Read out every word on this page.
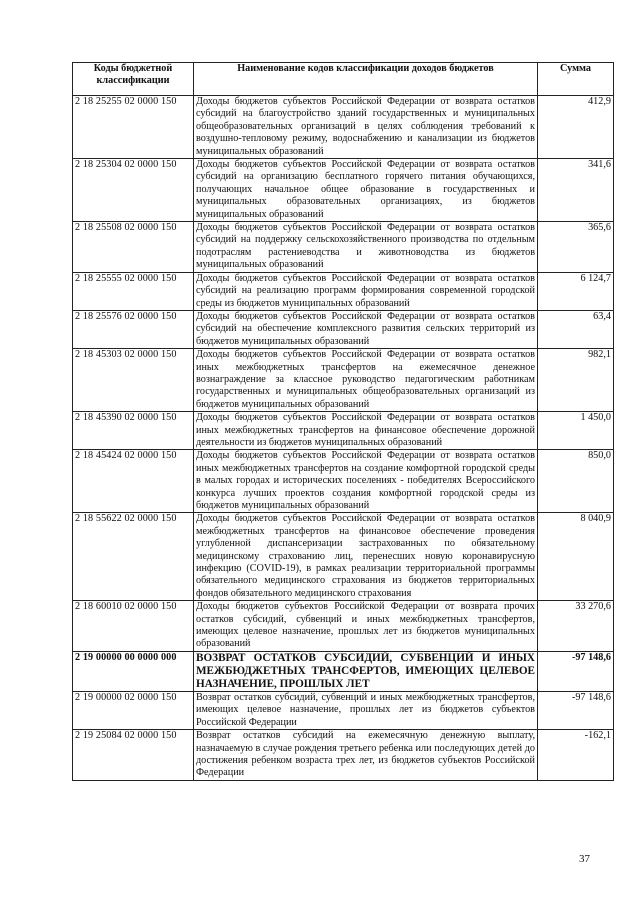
Коды бюджетной классификации	Наименование кодов классификации доходов бюджетов	Сумма
2 18 25255 02 0000 150	Доходы бюджетов субъектов Российской Федерации от возврата остатков субсидий на благоустройство зданий государственных и муниципальных общеобразовательных организаций в целях соблюдения требований к воздушно-тепловому режиму, водоснабжению и канализации из бюджетов муниципальных образований	412,9
2 18 25304 02 0000 150	Доходы бюджетов субъектов Российской Федерации от возврата остатков субсидий на организацию бесплатного горячего питания обучающихся, получающих начальное общее образование в государственных и муниципальных образовательных организациях, из бюджетов муниципальных образований	341,6
2 18 25508 02 0000 150	Доходы бюджетов субъектов Российской Федерации от возврата остатков субсидий на поддержку сельскохозяйственного производства по отдельным подотраслям растениеводства и животноводства из бюджетов муниципальных образований	365,6
2 18 25555 02 0000 150	Доходы бюджетов субъектов Российской Федерации от возврата остатков субсидий на реализацию программ формирования современной городской среды из бюджетов муниципальных образований	6 124,7
2 18 25576 02 0000 150	Доходы бюджетов субъектов Российской Федерации от возврата остатков субсидий на обеспечение комплексного развития сельских территорий из бюджетов муниципальных образований	63,4
2 18 45303 02 0000 150	Доходы бюджетов субъектов Российской Федерации от возврата остатков иных межбюджетных трансфертов на ежемесячное денежное вознаграждение за классное руководство педагогическим работникам государственных и муниципальных общеобразовательных организаций из бюджетов муниципальных образований	982,1
2 18 45390 02 0000 150	Доходы бюджетов субъектов Российской Федерации от возврата остатков иных межбюджетных трансфертов на финансовое обеспечение дорожной деятельности из бюджетов муниципальных образований	1 450,0
2 18 45424 02 0000 150	Доходы бюджетов субъектов Российской Федерации от возврата остатков иных межбюджетных трансфертов на создание комфортной городской среды в малых городах и исторических поселениях - победителях Всероссийского конкурса лучших проектов создания комфортной городской среды из бюджетов муниципальных образований	850,0
2 18 55622 02 0000 150	Доходы бюджетов субъектов Российской Федерации от возврата остатков межбюджетных трансфертов на финансовое обеспечение проведения углубленной диспансеризации застрахованных по обязательному медицинскому страхованию лиц, перенесших новую коронавирусную инфекцию (COVID-19), в рамках реализации территориальной программы обязательного медицинского страхования из бюджетов территориальных фондов обязательного медицинского страхования	8 040,9
2 18 60010 02 0000 150	Доходы бюджетов субъектов Российской Федерации от возврата прочих остатков субсидий, субвенций и иных межбюджетных трансфертов, имеющих целевое назначение, прошлых лет из бюджетов муниципальных образований	33 270,6
2 19 00000 00 0000 000	ВОЗВРАТ ОСТАТКОВ СУБСИДИЙ, СУБВЕНЦИЙ И ИНЫХ МЕЖБЮДЖЕТНЫХ ТРАНСФЕРТОВ, ИМЕЮЩИХ ЦЕЛЕВОЕ НАЗНАЧЕНИЕ, ПРОШЛЫХ ЛЕТ	-97 148,6
2 19 00000 02 0000 150	Возврат остатков субсидий, субвенций и иных межбюджетных трансфертов, имеющих целевое назначение, прошлых лет из бюджетов субъектов Российской Федерации	-97 148,6
2 19 25084 02 0000 150	Возврат остатков субсидий на ежемесячную денежную выплату, назначаемую в случае рождения третьего ребенка или последующих детей до достижения ребенком возраста трех лет, из бюджетов субъектов Российской Федерации	-162,1
37
